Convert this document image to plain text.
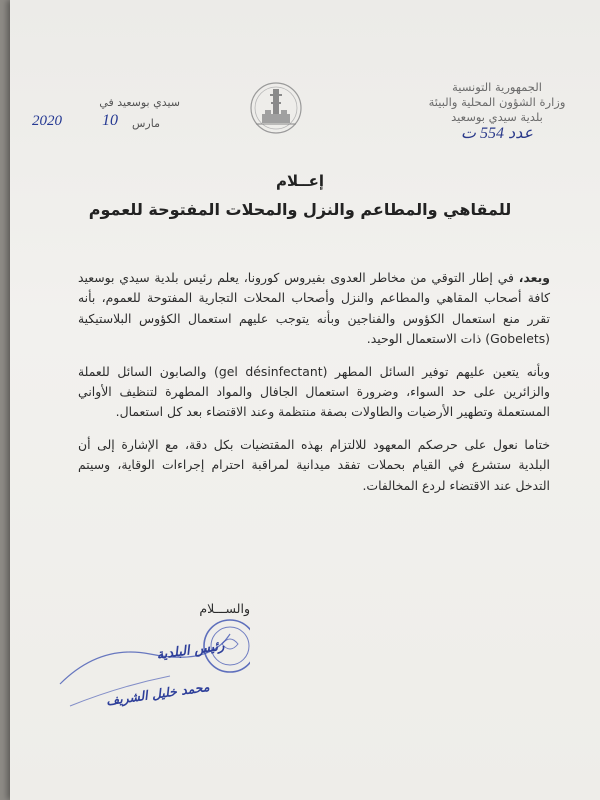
الجمهورية التونسية
وزارة الشؤون المحلية والبيئة
بلدية سيدي بوسعيد
عدد 554 ت
سيدي بوسعيد في
2020	10 مارس
إعــلام
للمقاهي والمطاعم والنزل والمحلات المفتوحة للعموم

وبعد، في إطار التوقي من مخاطر العدوى بفيروس كورونا، يعلم رئيس بلدية سيدي بوسعيد كافة أصحاب المقاهي والمطاعم والنزل وأصحاب المحلات التجارية المفتوحة للعموم، بأنه تقرر منع استعمال الكؤوس والفناجين وبأنه يتوجب عليهم استعمال الكؤوس البلاستيكية (Gobelets) ذات الاستعمال الوحيد.

وبأنه يتعين عليهم توفير السائل المطهر (gel désinfectant) والصابون السائل للعملة والزائرين على حد السواء، وضرورة استعمال الجافال والمواد المطهرة لتنظيف الأواني المستعملة وتطهير الأرضيات والطاولات بصفة منتظمة وعند الاقتضاء بعد كل استعمال.

ختاما نعول على حرصكم المعهود للالتزام بهذه المقتضيات بكل دقة، مع الإشارة إلى أن البلدية ستشرع في القيام بحملات تفقد ميدانية لمراقبة احترام إجراءات الوقاية، وسيتم التدخل عند الاقتضاء لردع المخالفات.

والســـلام
رئيس البلدية
محمد خليل الشريف
